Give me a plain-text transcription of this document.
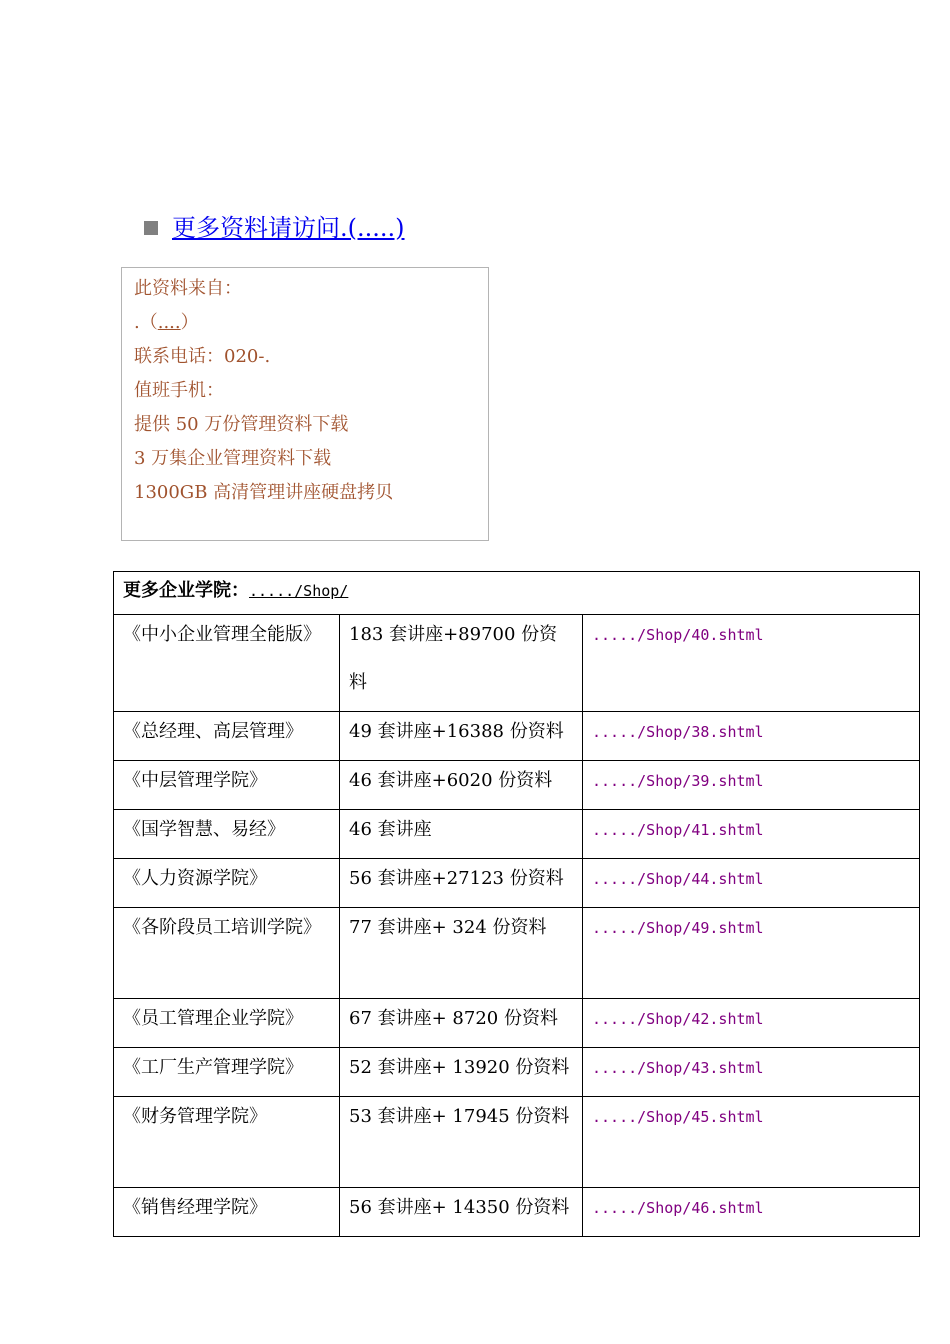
更多资料请访问.(.....)
此资料来自：
.（....）
联系电话：020-.
值班手机：
提供 50 万份管理资料下载
3 万集企业管理资料下载
1300GB 高清管理讲座硬盘拷贝
更多企业学院：...../Shop/		

《中小企业管理全能版》	183 套讲座+89700 份资料	...../Shop/40.shtml

《总经理、高层管理》	49 套讲座+16388 份资料	...../Shop/38.shtml

《中层管理学院》	46 套讲座+6020 份资料	...../Shop/39.shtml

《国学智慧、易经》	46 套讲座	...../Shop/41.shtml

《人力资源学院》	56 套讲座+27123 份资料	...../Shop/44.shtml

《各阶段员工培训学院》	77 套讲座+ 324 份资料	...../Shop/49.shtml

《员工管理企业学院》	67 套讲座+ 8720 份资料	...../Shop/42.shtml

《工厂生产管理学院》	52 套讲座+ 13920 份资料	...../Shop/43.shtml

《财务管理学院》	53 套讲座+ 17945 份资料	...../Shop/45.shtml

《销售经理学院》	56 套讲座+ 14350 份资料	...../Shop/46.shtml
